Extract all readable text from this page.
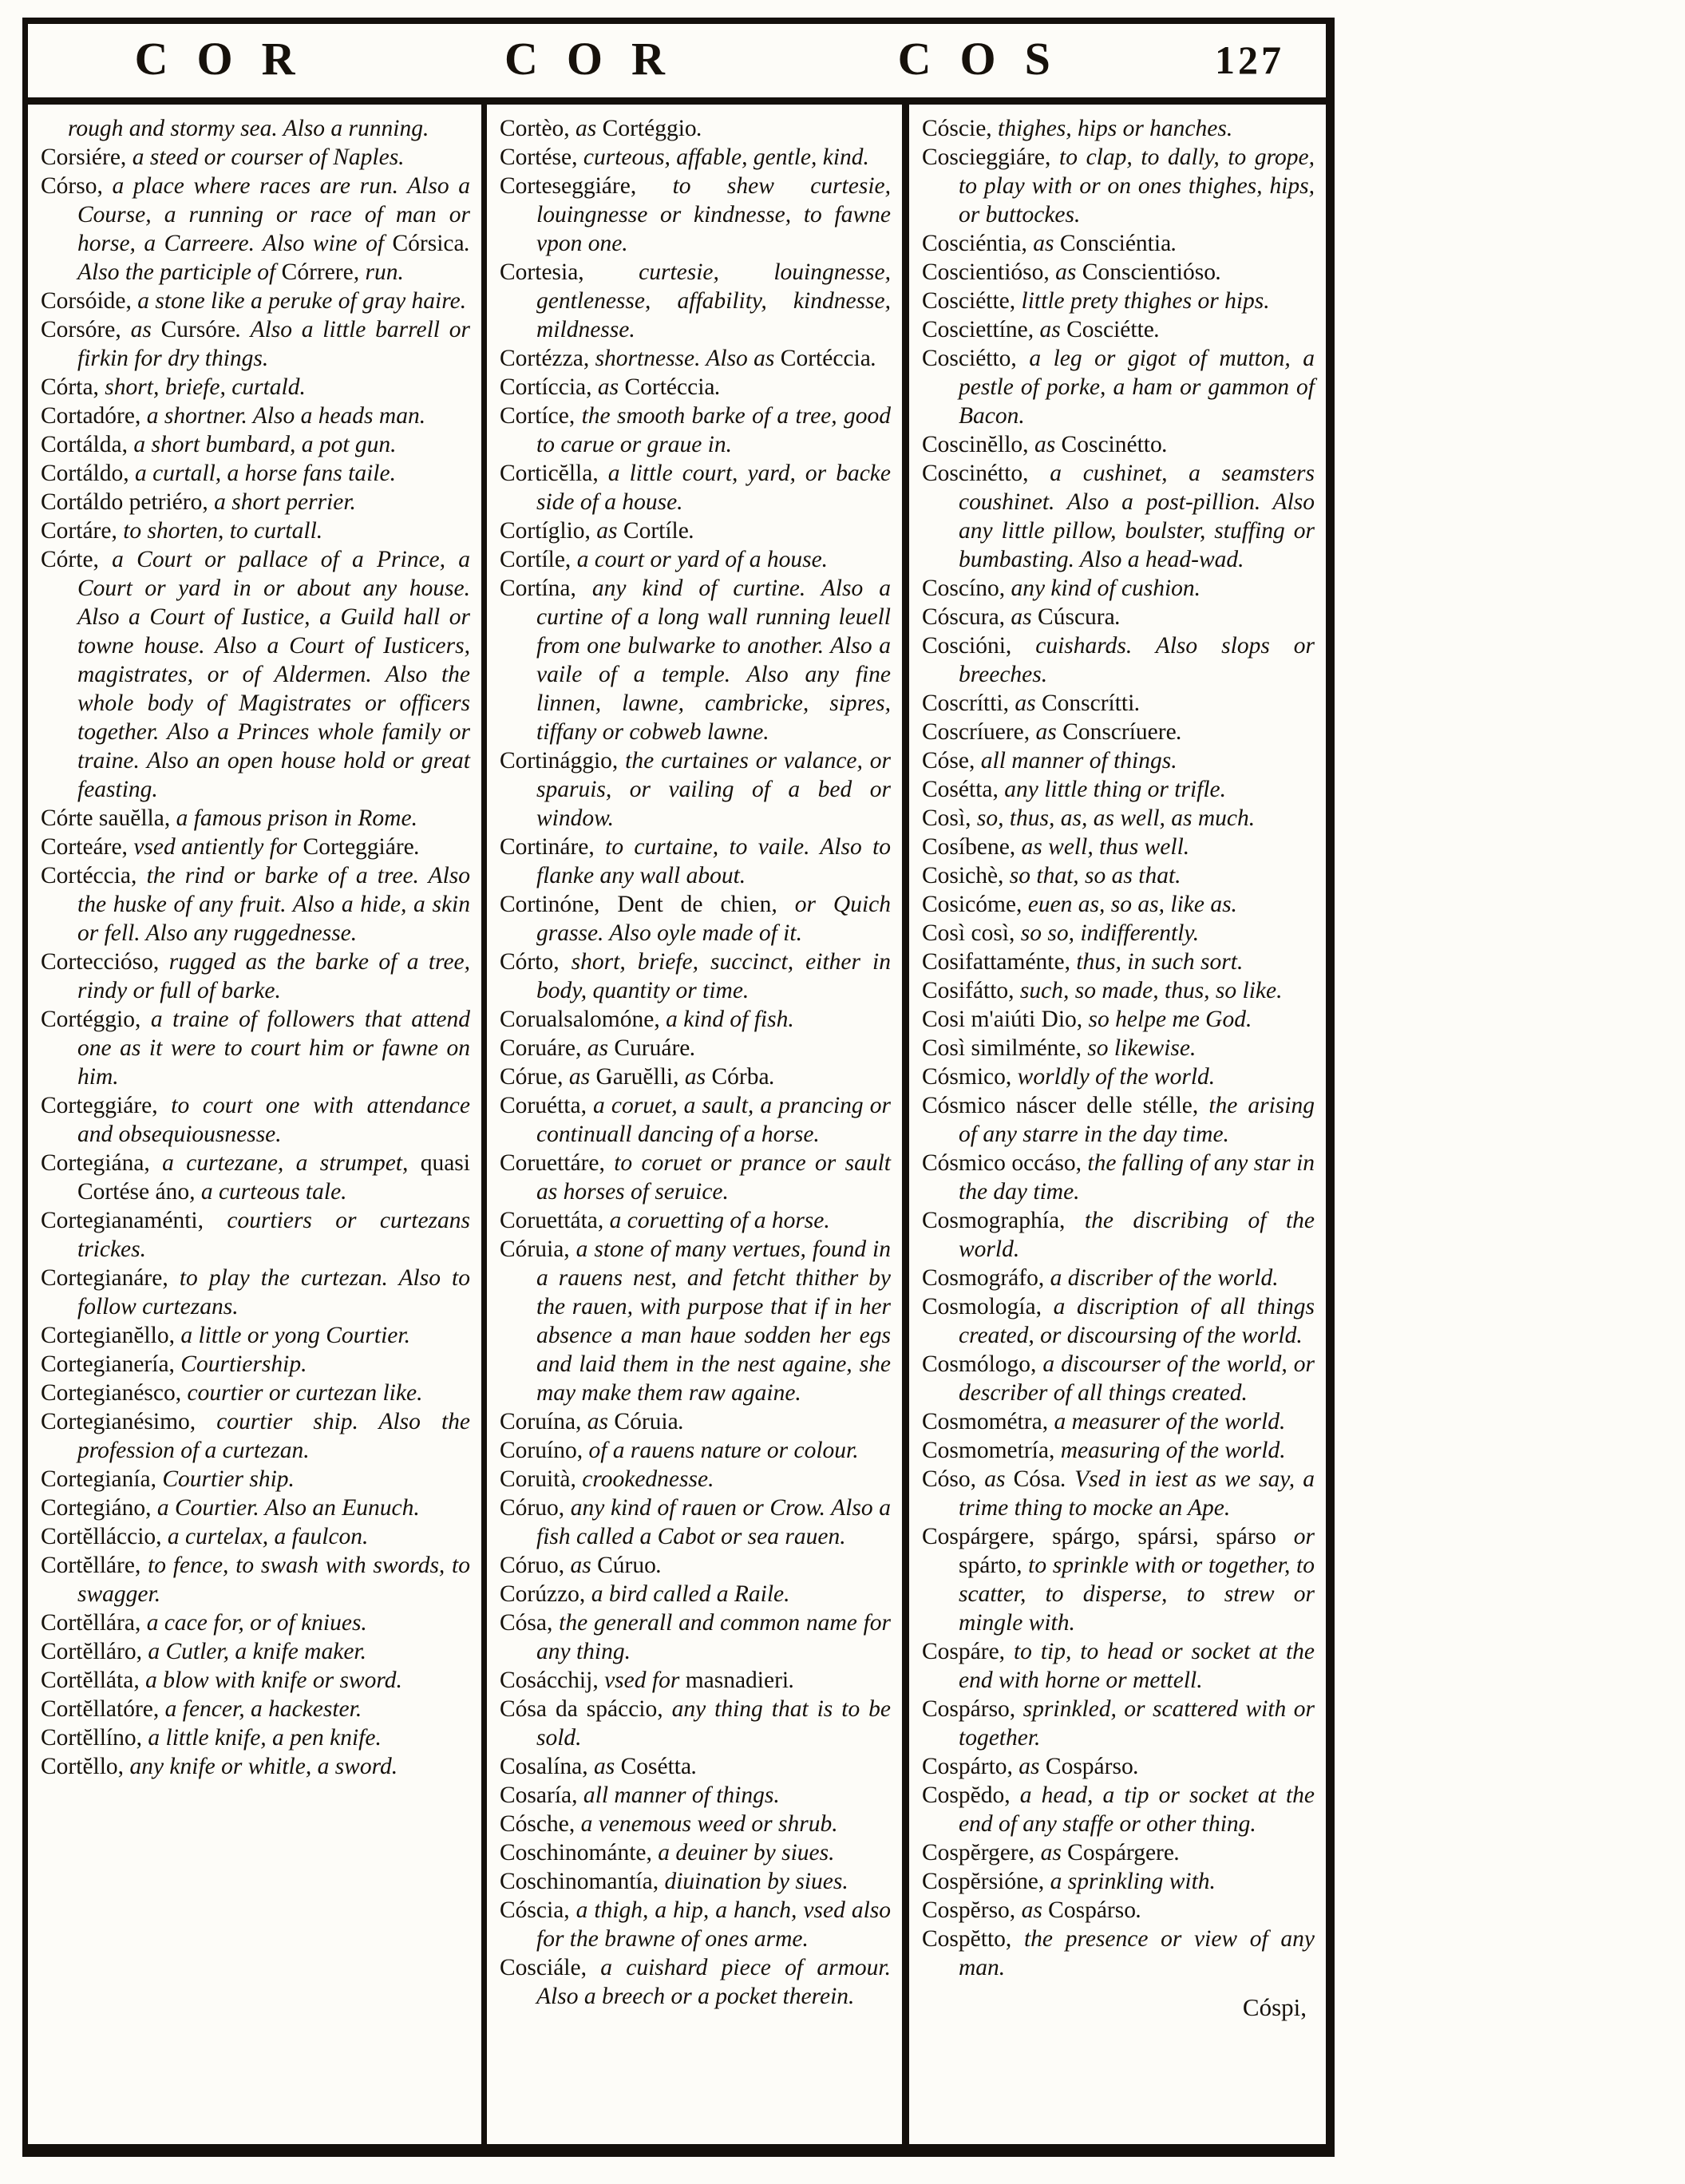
COR	COR	COS	127
rough and stormy sea. Also a running.
Corsiére, a steed or courser of Naples.
Córso, a place where races are run. Also a Course, a running or race of man or horse, a Carreere. Also wine of Córsica. Also the participle of Córrere, run.
Corsóide, a stone like a peruke of gray haire.
Corsóre, as Cursóre. Also a little barrell or firkin for dry things.
Córta, short, briefe, curtald.
Cortadóre, a shortner. Also a heads man.
Cortálda, a short bumbard, a pot gun.
Cortáldo, a curtall, a horse fans taile.
Cortáldo petriéro, a short perrier.
Cortáre, to shorten, to curtall.
Córte, a Court or pallace of a Prince, a Court or yard in or about any house. Also a Court of Iustice, a Guild hall or towne house. Also a Court of Iusticers, magistrates, or of Aldermen. Also the whole body of Magistrates or officers together. Also a Princes whole family or traine. Also an open house hold or great feasting.
Córte sauĕlla, a famous prison in Rome.
Corteáre, vsed antiently for Corteggiáre.
Cortéccia, the rind or barke of a tree. Also the huske of any fruit. Also a hide, a skin or fell. Also any ruggednesse.
Corteccióso, rugged as the barke of a tree, rindy or full of barke.
Cortéggio, a traine of followers that attend one as it were to court him or fawne on him.
Corteggiáre, to court one with attendance and obsequiousnesse.
Cortegiána, a curtezane, a strumpet, quasi Cortése áno, a curteous tale.
Cortegianaménti, courtiers or curtezans trickes.
Cortegianáre, to play the curtezan. Also to follow curtezans.
Cortegianĕllo, a little or yong Courtier.
Cortegianería, Courtiership.
Cortegianésco, courtier or curtezan like.
Cortegianésimo, courtier ship. Also the profession of a curtezan.
Cortegianía, Courtier ship.
Cortegiáno, a Courtier. Also an Eunuch.
Cortĕlláccio, a curtelax, a faulcon.
Cortĕlláre, to fence, to swash with swords, to swagger.
Cortĕllára, a cace for, or of kniues.
Cortĕlláro, a Cutler, a knife maker.
Cortĕlláta, a blow with knife or sword.
Cortĕllatóre, a fencer, a hackester.
Cortĕllíno, a little knife, a pen knife.
Cortĕllo, any knife or whitle, a sword.
Cortèo, as Cortéggio.
Cortése, curteous, affable, gentle, kind.
Corteseggiáre, to shew curtesie, louingnesse or kindnesse, to fawne vpon one.
Cortesia, curtesie, louingnesse, gentlenesse, affability, kindnesse, mildnesse.
Cortézza, shortnesse. Also as Cortéccia.
Cortíccia, as Cortéccia.
Cortíce, the smooth barke of a tree, good to carue or graue in.
Corticĕlla, a little court, yard, or backe side of a house.
Cortíglio, as Cortíle.
Cortíle, a court or yard of a house.
Cortína, any kind of curtine. Also a curtine of a long wall running leuell from one bulwarke to another. Also a vaile of a temple. Also any fine linnen, lawne, cambricke, sipres, tiffany or cobweb lawne.
Cortinággio, the curtaines or valance, or sparuis, or vailing of a bed or window.
Cortináre, to curtaine, to vaile. Also to flanke any wall about.
Cortinóne, Dent de chien, or Quich grasse. Also oyle made of it.
Córto, short, briefe, succinct, either in body, quantity or time.
Corualsalomóne, a kind of fish.
Coruáre, as Curuáre.
Córue, as Garuĕlli, as Córba.
Coruétta, a coruet, a sault, a prancing or continuall dancing of a horse.
Coruettáre, to coruet or prance or sault as horses of seruice.
Coruettáta, a coruetting of a horse.
Córuia, a stone of many vertues, found in a rauens nest, and fetcht thither by the rauen, with purpose that if in her absence a man haue sodden her egs and laid them in the nest againe, she may make them raw againe.
Coruína, as Córuia.
Coruíno, of a rauens nature or colour.
Coruità, crookednesse.
Córuo, any kind of rauen or Crow. Also a fish called a Cabot or sea rauen.
Córuo, as Cúruo.
Corúzzo, a bird called a Raile.
Cósa, the generall and common name for any thing.
Cosácchij, vsed for masnadieri.
Cósa da spáccio, any thing that is to be sold.
Cosalína, as Cosétta.
Cosaría, all manner of things.
Cósche, a venemous weed or shrub.
Coschinománte, a deuiner by siues.
Coschinomantía, diuination by siues.
Cóscia, a thigh, a hip, a hanch, vsed also for the brawne of ones arme.
Cosciále, a cuishard piece of armour. Also a breech or a pocket therein.
Cóscie, thighes, hips or hanches.
Coscieggiáre, to clap, to dally, to grope, to play with or on ones thighes, hips, or buttockes.
Cosciéntia, as Consciéntia.
Coscientióso, as Conscientióso.
Cosciétte, little prety thighes or hips.
Cosciettíne, as Cosciétte.
Cosciétto, a leg or gigot of mutton, a pestle of porke, a ham or gammon of Bacon.
Coscinĕllo, as Coscinétto.
Coscinétto, a cushinet, a seamsters coushinet. Also a post-pillion. Also any little pillow, boulster, stuffing or bumbasting. Also a head-wad.
Coscíno, any kind of cushion.
Cóscura, as Cúscura.
Coscióni, cuishards. Also slops or breeches.
Coscrítti, as Conscrítti.
Coscríuere, as Conscríuere.
Cóse, all manner of things.
Cosétta, any little thing or trifle.
Così, so, thus, as, as well, as much.
Cosíbene, as well, thus well.
Cosichè, so that, so as that.
Cosicóme, euen as, so as, like as.
Così così, so so, indifferently.
Cosifattaménte, thus, in such sort.
Cosifátto, such, so made, thus, so like.
Cosi m'aiúti Dio, so helpe me God.
Così similménte, so likewise.
Cósmico, worldly of the world.
Cósmico náscer delle stélle, the arising of any starre in the day time.
Cósmico occáso, the falling of any star in the day time.
Cosmographía, the discribing of the world.
Cosmográfo, a discriber of the world.
Cosmología, a discription of all things created, or discoursing of the world.
Cosmólogo, a discourser of the world, or describer of all things created.
Cosmométra, a measurer of the world.
Cosmometría, measuring of the world.
Cóso, as Cósa. Vsed in iest as we say, a trime thing to mocke an Ape.
Cospárgere, spárgo, spársi, spárso or spárto, to sprinkle with or together, to scatter, to disperse, to strew or mingle with.
Cospáre, to tip, to head or socket at the end with horne or mettell.
Cospárso, sprinkled, or scattered with or together.
Cospárto, as Cospárso.
Cospĕdo, a head, a tip or socket at the end of any staffe or other thing.
Cospĕrgere, as Cospárgere.
Cospĕrsióne, a sprinkling with.
Cospĕrso, as Cospárso.
Cospĕtto, the presence or view of any man.
Cóspi,
